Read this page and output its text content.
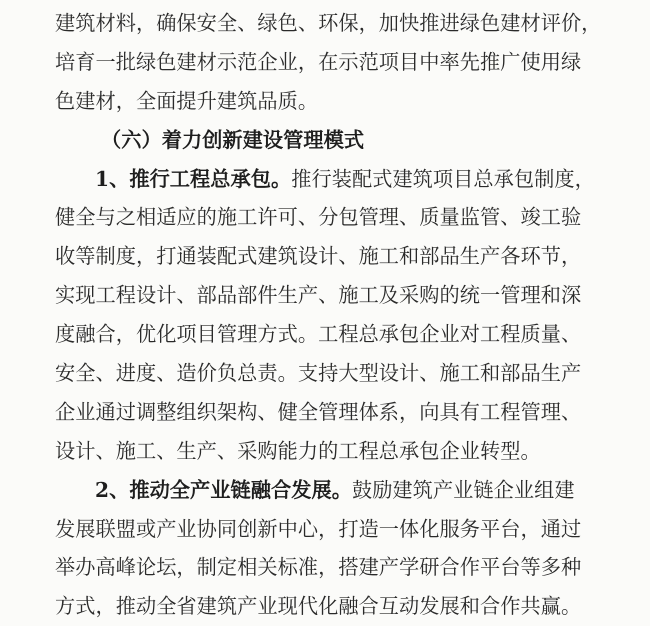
建筑材料，确保安全、绿色、环保，加快推进绿色建材评价，
培育一批绿色建材示范企业，在示范项目中率先推广使用绿
色建材，全面提升建筑品质。
（六）着力创新建设管理模式
1、推行工程总承包。推行装配式建筑项目总承包制度，
健全与之相适应的施工许可、分包管理、质量监管、竣工验
收等制度，打通装配式建筑设计、施工和部品生产各环节，
实现工程设计、部品部件生产、施工及采购的统一管理和深
度融合，优化项目管理方式。工程总承包企业对工程质量、
安全、进度、造价负总责。支持大型设计、施工和部品生产
企业通过调整组织架构、健全管理体系，向具有工程管理、
设计、施工、生产、采购能力的工程总承包企业转型。
2、推动全产业链融合发展。鼓励建筑产业链企业组建
发展联盟或产业协同创新中心，打造一体化服务平台，通过
举办高峰论坛，制定相关标准，搭建产学研合作平台等多种
方式，推动全省建筑产业现代化融合互动发展和合作共赢。
